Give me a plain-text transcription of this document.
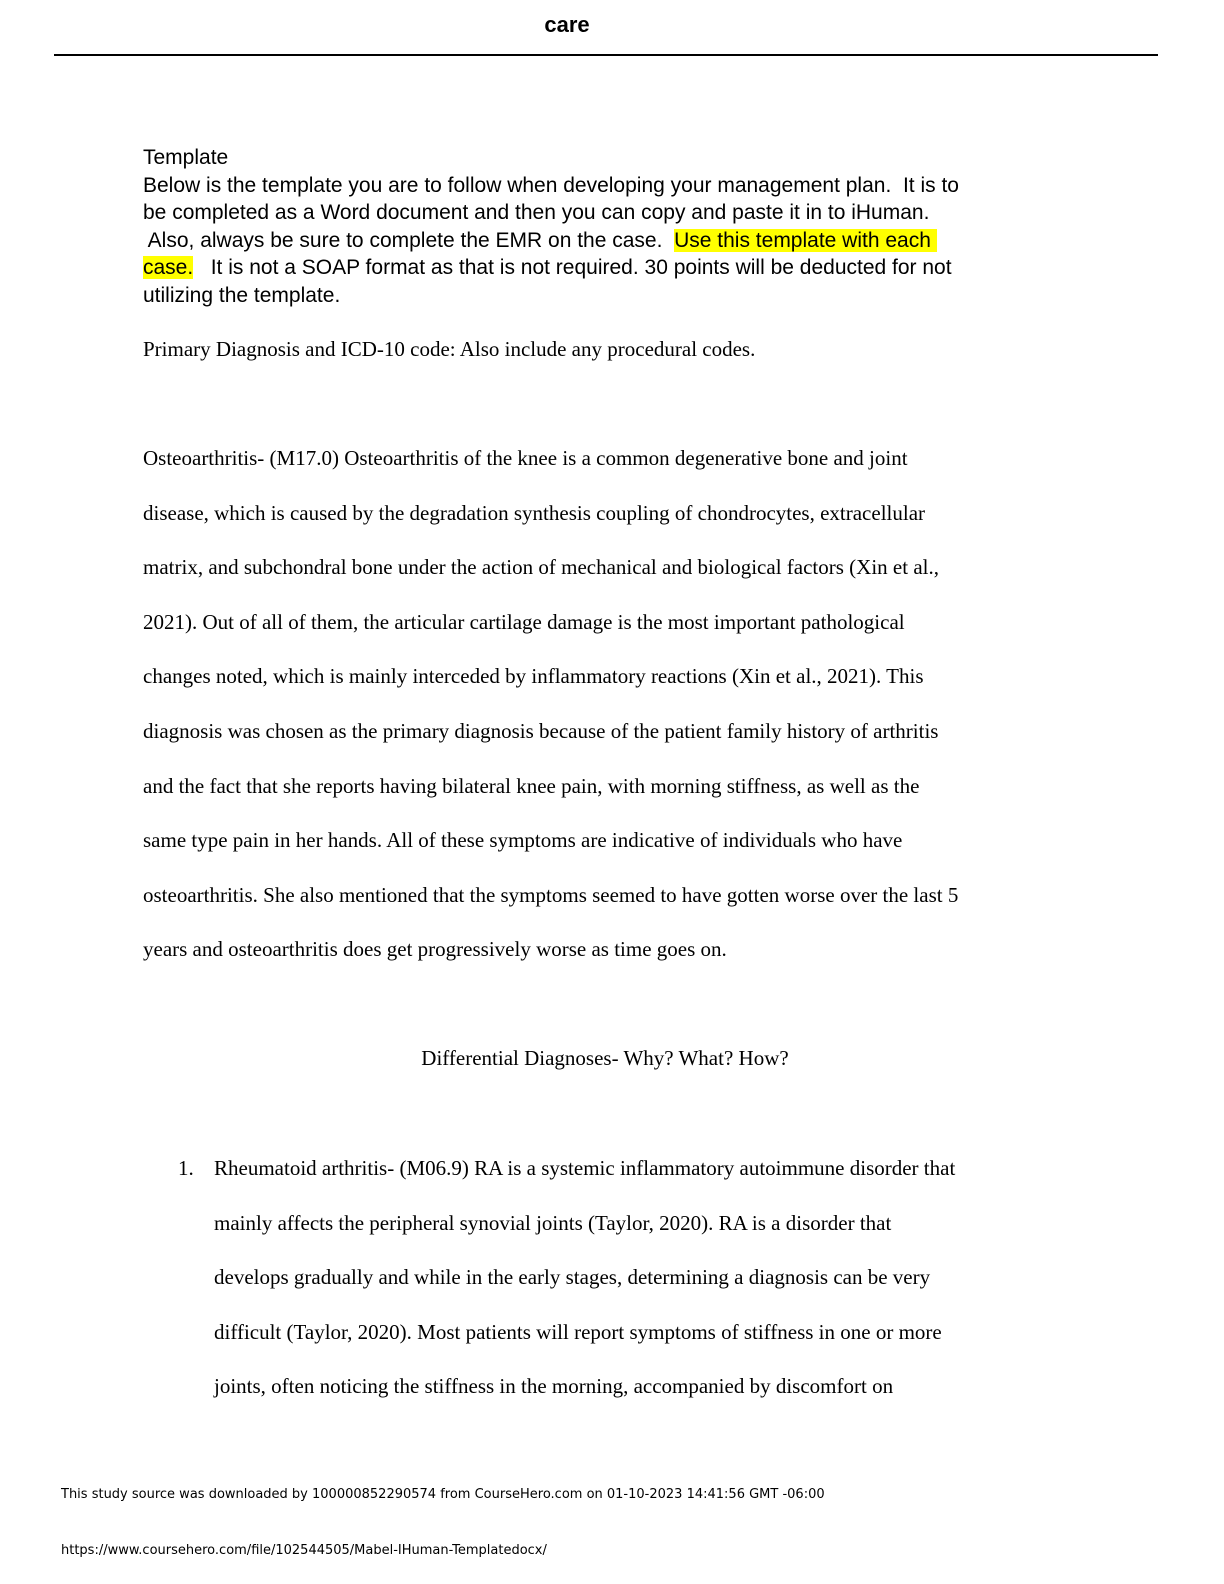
care
Template
Below is the template you are to follow when developing your management plan.  It is to
be completed as a Word document and then you can copy and paste it in to iHuman.
Also, always be sure to complete the EMR on the case.  Use this template with each
case.   It is not a SOAP format as that is not required. 30 points will be deducted for not
utilizing the template.
Primary Diagnosis and ICD-10 code: Also include any procedural codes.
Osteoarthritis- (M17.0) Osteoarthritis of the knee is a common degenerative bone and joint
disease, which is caused by the degradation synthesis coupling of chondrocytes, extracellular
matrix, and subchondral bone under the action of mechanical and biological factors (Xin et al.,
2021). Out of all of them, the articular cartilage damage is the most important pathological
changes noted, which is mainly interceded by inflammatory reactions (Xin et al., 2021). This
diagnosis was chosen as the primary diagnosis because of the patient family history of arthritis
and the fact that she reports having bilateral knee pain, with morning stiffness, as well as the
same type pain in her hands. All of these symptoms are indicative of individuals who have
osteoarthritis. She also mentioned that the symptoms seemed to have gotten worse over the last 5
years and osteoarthritis does get progressively worse as time goes on.
Differential Diagnoses- Why? What? How?
1. Rheumatoid arthritis- (M06.9) RA is a systemic inflammatory autoimmune disorder that
mainly affects the peripheral synovial joints (Taylor, 2020). RA is a disorder that
develops gradually and while in the early stages, determining a diagnosis can be very
difficult (Taylor, 2020). Most patients will report symptoms of stiffness in one or more
joints, often noticing the stiffness in the morning, accompanied by discomfort on
This study source was downloaded by 100000852290574 from CourseHero.com on 01-10-2023 14:41:56 GMT -06:00
https://www.coursehero.com/file/102544505/Mabel-IHuman-Templatedocx/
